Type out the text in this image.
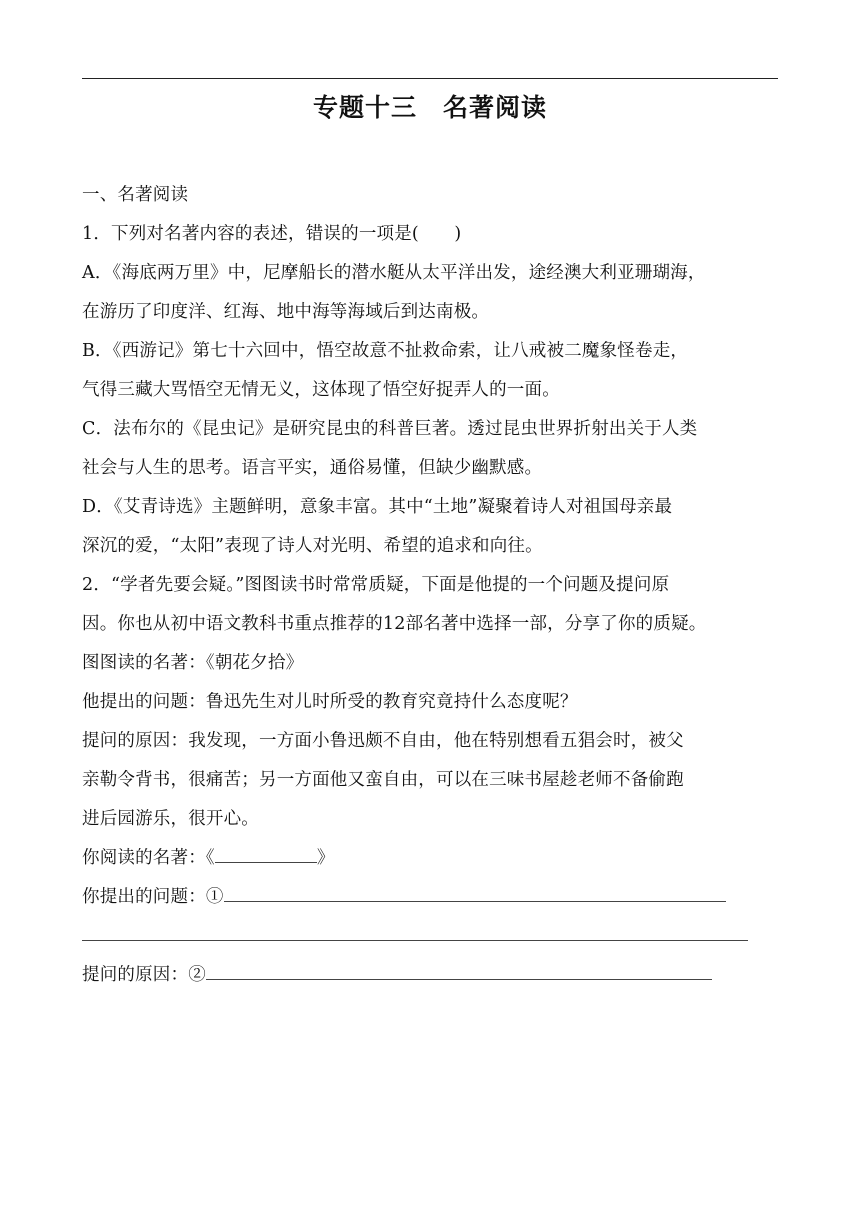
专题十三　名著阅读
一、名著阅读
1．下列对名著内容的表述，错误的一项是(　　)
A．《海底两万里》中，尼摩船长的潜水艇从太平洋出发，途经澳大利亚珊瑚海，
在游历了印度洋、红海、地中海等海域后到达南极。
B．《西游记》第七十六回中，悟空故意不扯救命索，让八戒被二魔象怪卷走，
气得三藏大骂悟空无情无义，这体现了悟空好捉弄人的一面。
C．法布尔的《昆虫记》是研究昆虫的科普巨著。透过昆虫世界折射出关于人类
社会与人生的思考。语言平实，通俗易懂，但缺少幽默感。
D．《艾青诗选》主题鲜明，意象丰富。其中“土地”凝聚着诗人对祖国母亲最
深沉的爱，“太阳”表现了诗人对光明、希望的追求和向往。
2．“学者先要会疑。”图图读书时常常质疑，下面是他提的一个问题及提问原
因。你也从初中语文教科书重点推荐的12部名著中选择一部，分享了你的质疑。
图图读的名著：《朝花夕拾》
他提出的问题：鲁迅先生对儿时所受的教育究竟持什么态度呢？
提问的原因：我发现，一方面小鲁迅颇不自由，他在特别想看五猖会时，被父
亲勒令背书，很痛苦；另一方面他又蛮自由，可以在三味书屋趁老师不备偷跑
进后园游乐，很开心。
你阅读的名著：《	》
你提出的问题：①
提问的原因：②
